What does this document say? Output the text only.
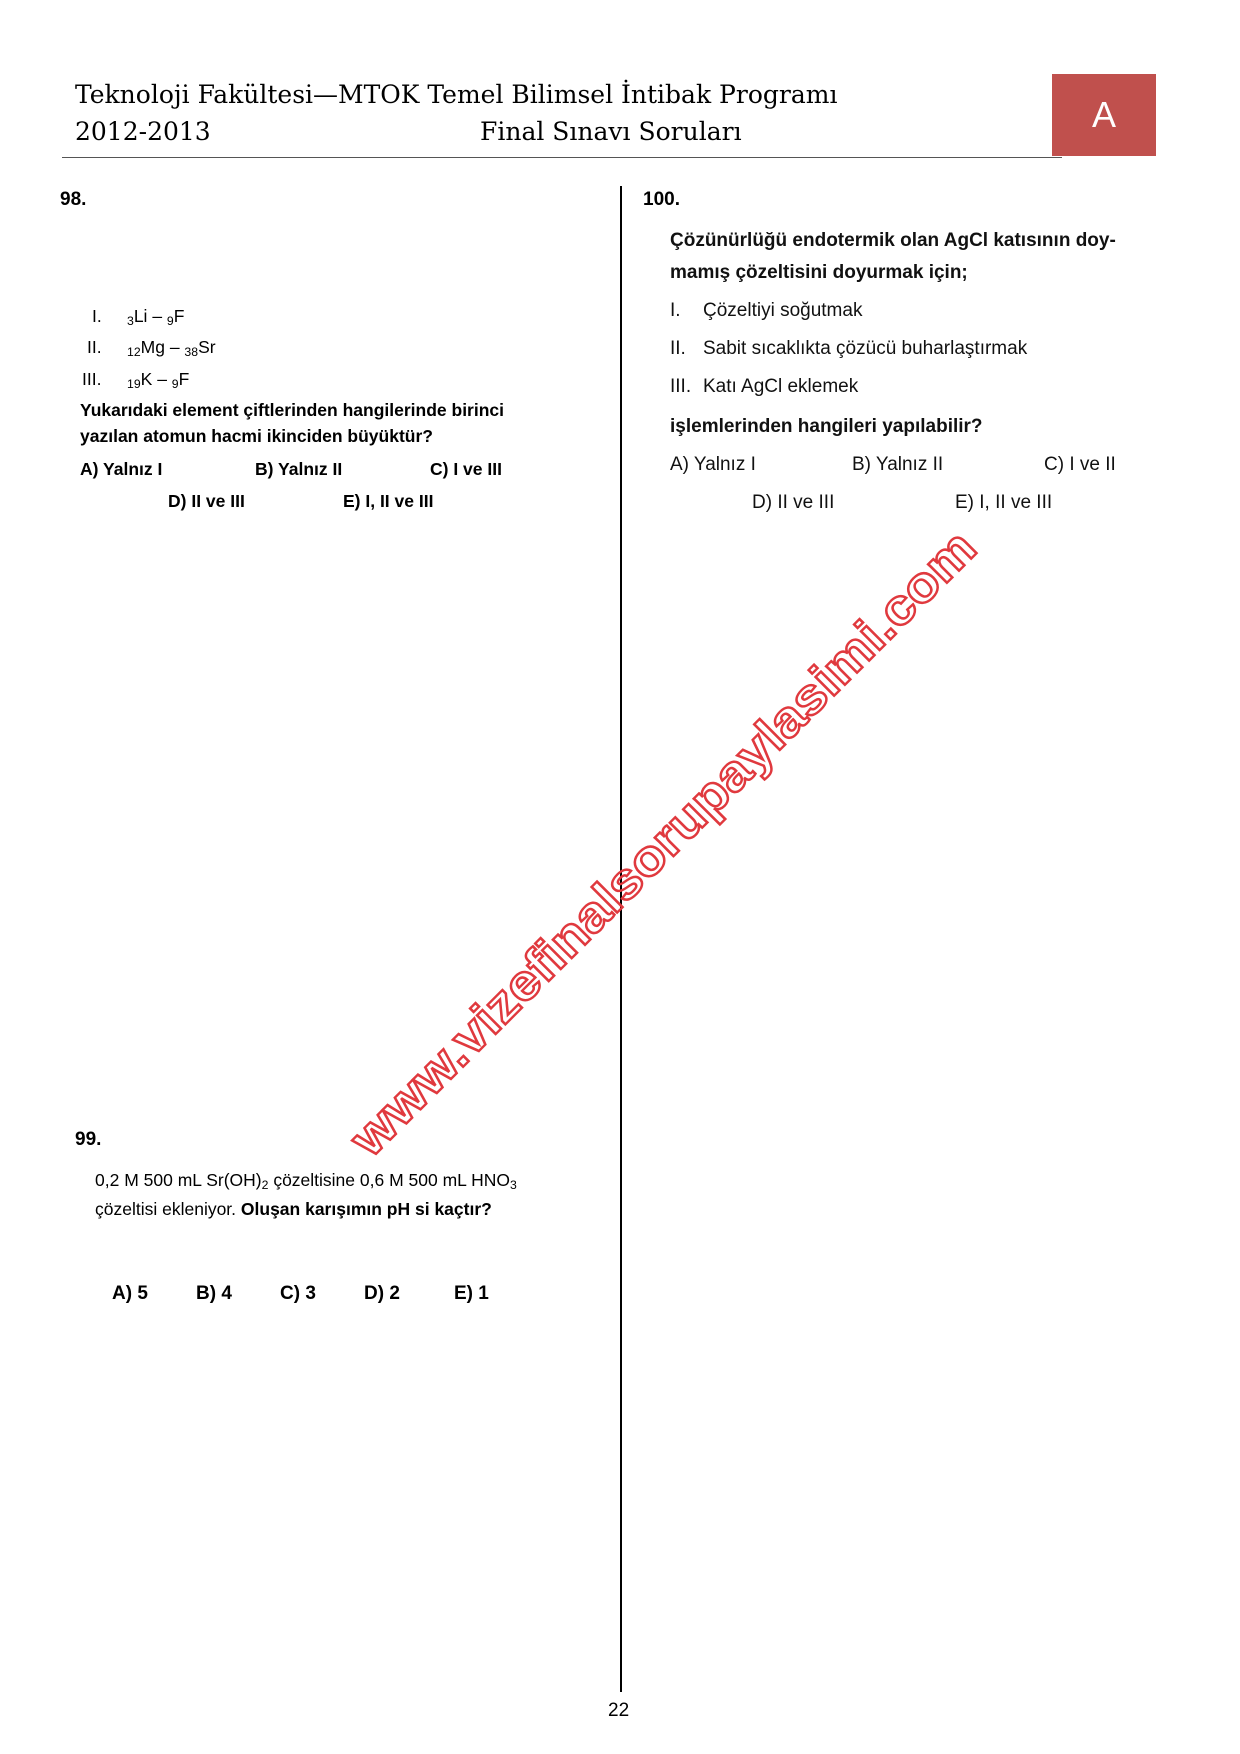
Teknoloji Fakültesi—MTOK Temel Bilimsel İntibak Programı
2012-2013	Final Sınavı Soruları	A
98.
I. $_3$Li – $_9$F
II. $_{12}$Mg – $_{38}$Sr
III. $_{19}$K – $_9$F
Yukarıdaki element çiftlerinden hangilerinde birinci
yazılan atomun hacmi ikinciden büyüktür?
A) Yalnız I	B) Yalnız II	C) I ve III
D) II ve III	E) I, II ve III
99.
0,2 M 500 mL $Sr(OH)_2$ çözeltisine 0,6 M 500 mL $HNO_3$
çözeltisi ekleniyor. Oluşan karışımın pH si kaçtır?
A) 5	B) 4	C) 3	D) 2	E) 1
100.
Çözünürlüğü endotermik olan AgCl katısının doy-
mamış çözeltisini doyurmak için;
I. Çözeltiyi soğutmak
II. Sabit sıcaklıkta çözücü buharlaştırmak
III. Katı AgCl eklemek
işlemlerinden hangileri yapılabilir?
A) Yalnız I	B) Yalnız II	C) I ve II
D) II ve III	E) I, II ve III
www.vizefinalsorupaylasimi.com
22
